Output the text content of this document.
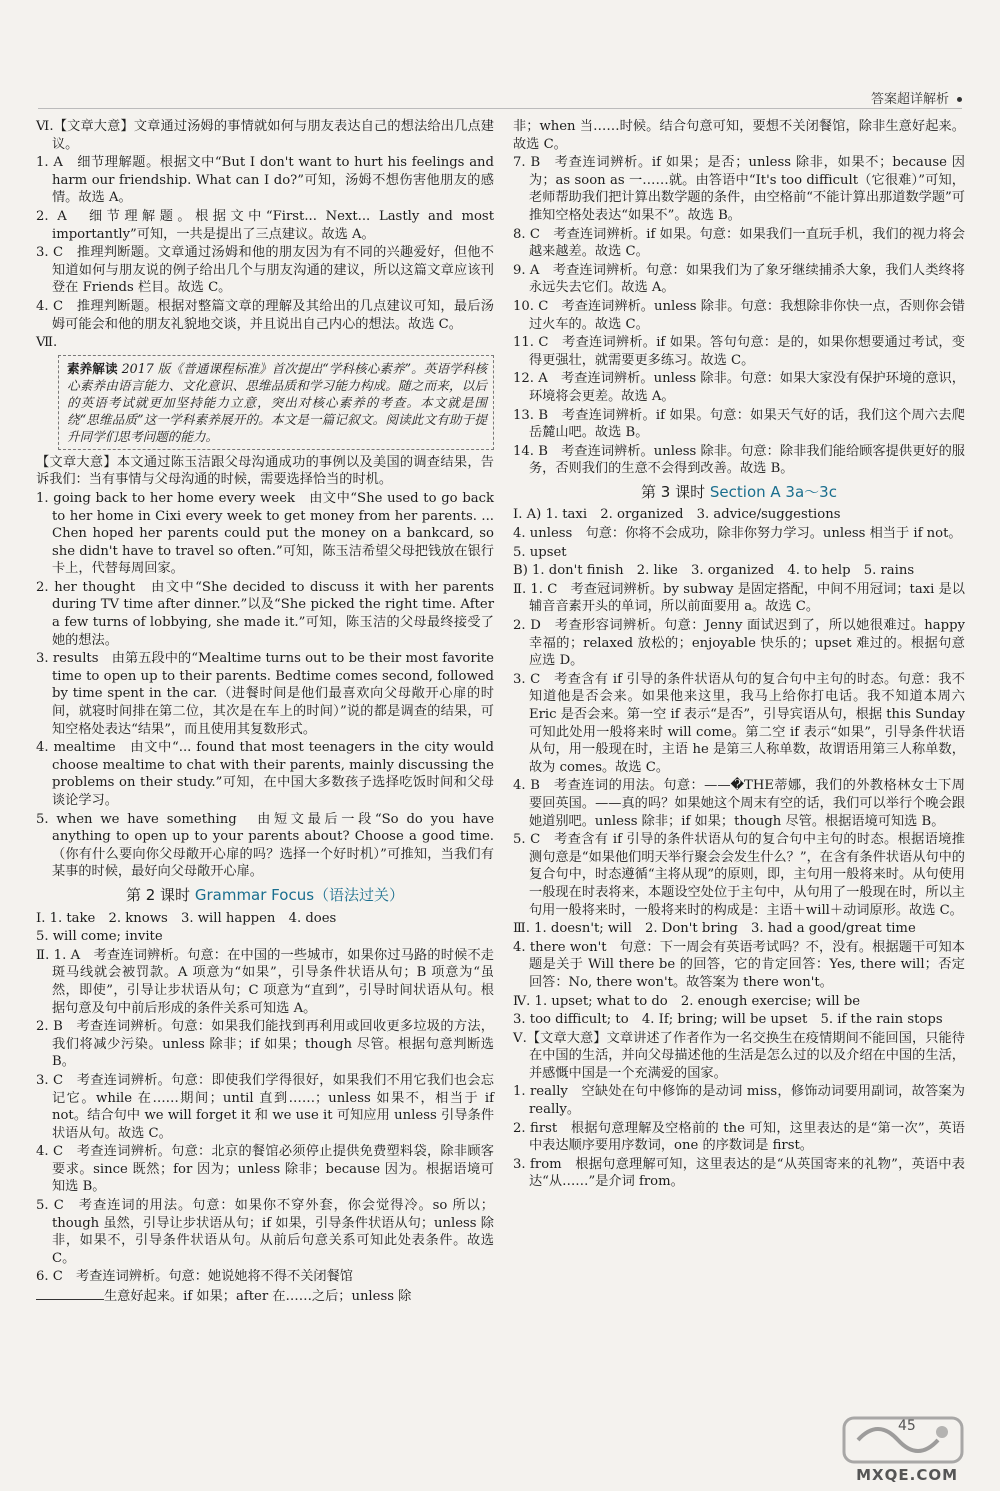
答案超详解析

Ⅵ.【文章大意】文章通过汤姆的事情就如何与朋友表达自己的想法给出几点建议。

1. A　细节理解题。根据文中“But I don't want to hurt his feelings and harm our friendship. What can I do?”可知，汤姆不想伤害他朋友的感情。故选 A。

2. A　细节理解题。根据文中“First... Next... Lastly and most importantly”可知，一共是提出了三点建议。故选 A。

3. C　推理判断题。文章通过汤姆和他的朋友因为有不同的兴趣爱好，但他不知道如何与朋友说的例子给出几个与朋友沟通的建议，所以这篇文章应该刊登在 Friends 栏目。故选 C。

4. C　推理判断题。根据对整篇文章的理解及其给出的几点建议可知，最后汤姆可能会和他的朋友礼貌地交谈，并且说出自己内心的想法。故选 C。

Ⅶ.

素养解读 2017 版《普通课程标准》首次提出“学科核心素养”。英语学科核心素养由语言能力、文化意识、思维品质和学习能力构成。随之而来，以后的英语考试就更加坚持能力立意，突出对核心素养的考查。本文就是围绕“思维品质”这一学科素养展开的。本文是一篇记叙文。阅读此文有助于提升同学们思考问题的能力。

【文章大意】本文通过陈玉洁跟父母沟通成功的事例以及美国的调查结果，告诉我们：当有事情与父母沟通的时候，需要选择恰当的时机。

1. going back to her home every week　由文中“She used to go back to her home in Cixi every week to get money from her parents. ... Chen hoped her parents could put the money on a bankcard, so she didn't have to travel so often.”可知，陈玉洁希望父母把钱放在银行卡上，代替每周回家。

2. her thought　由文中“She decided to discuss it with her parents during TV time after dinner.”以及“She picked the right time. After a few turns of lobbying, she made it.”可知，陈玉洁的父母最终接受了她的想法。

3. results　由第五段中的“Mealtime turns out to be their most favorite time to open up to their parents. Bedtime comes second, followed by time spent in the car.（进餐时间是他们最喜欢向父母敞开心扉的时间，就寝时间排在第二位，其次是在车上的时间）”说的都是调查的结果，可知空格处表达“结果”，而且使用其复数形式。

4. mealtime　由文中“... found that most teenagers in the city would choose mealtime to chat with their parents, mainly discussing the problems on their study.”可知，在中国大多数孩子选择吃饭时间和父母谈论学习。

5. when we have something　由短文最后一段“So do you have anything to open up to your parents about? Choose a good time.（你有什么要向你父母敞开心扉的吗？选择一个好时机）”可推知，当我们有某事的时候，最好向父母敞开心扉。

第 2 课时 Grammar Focus（语法过关）

Ⅰ. 1. take　2. knows　3. will happen　4. does

5. will come; invite

Ⅱ. 1. A　考查连词辨析。句意：在中国的一些城市，如果你过马路的时候不走斑马线就会被罚款。A 项意为“如果”，引导条件状语从句；B 项意为“虽然，即使”，引导让步状语从句；C 项意为“直到”，引导时间状语从句。根据句意及句中前后形成的条件关系可知选 A。

2. B　考查连词辨析。句意：如果我们能找到再利用或回收更多垃圾的方法，我们将减少污染。unless 除非；if 如果；though 尽管。根据句意判断选 B。

3. C　考查连词辨析。句意：即使我们学得很好，如果我们不用它我们也会忘记它。while 在……期间；until 直到……；unless 如果不，相当于 if not。结合句中 we will forget it 和 we use it 可知应用 unless 引导条件状语从句。故选 C。

4. C　考查连词辨析。句意：北京的餐馆必须停止提供免费塑料袋，除非顾客要求。since 既然；for 因为；unless 除非；because 因为。根据语境可知选 B。

5. C　考查连词的用法。句意：如果你不穿外套，你会觉得冷。so 所以；though 虽然，引导让步状语从句；if 如果，引导条件状语从句；unless 除非，如果不，引导条件状语从句。从前后句意关系可知此处表条件。故选 C。

6. C　考查连词辨析。句意：她说她将不得不关闭餐馆

生意好起来。if 如果；after 在……之后；unless 除

非；when 当……时候。结合句意可知，要想不关闭餐馆，除非生意好起来。故选 C。

7. B　考查连词辨析。if 如果；是否；unless 除非，如果不；because 因为；as soon as 一……就。由答语中“It's too difficult（它很难）”可知，老师帮助我们把计算出数学题的条件，由空格前“不能计算出那道数学题”可推知空格处表达“如果不”。故选 B。

8. C　考查连词辨析。if 如果。句意：如果我们一直玩手机，我们的视力将会越来越差。故选 C。

9. A　考查连词辨析。句意：如果我们为了象牙继续捕杀大象，我们人类终将永远失去它们。故选 A。

10. C　考查连词辨析。unless 除非。句意：我想除非你快一点，否则你会错过火车的。故选 C。

11. C　考查连词辨析。if 如果。答句句意：是的，如果你想要通过考试，变得更强壮，就需要更多练习。故选 C。

12. A　考查连词辨析。unless 除非。句意：如果大家没有保护环境的意识，环境将会更差。故选 A。

13. B　考查连词辨析。if 如果。句意：如果天气好的话，我们这个周六去爬岳麓山吧。故选 B。

14. B　考查连词辨析。unless 除非。句意：除非我们能给顾客提供更好的服务，否则我们的生意不会得到改善。故选 B。

第 3 课时 Section A 3a～3c

Ⅰ. A) 1. taxi　2. organized　3. advice/suggestions

4. unless　句意：你将不会成功，除非你努力学习。unless 相当于 if not。

5. upset

B) 1. don't finish　2. like　3. organized　4. to help　5. rains

Ⅱ. 1. C　考查冠词辨析。by subway 是固定搭配，中间不用冠词；taxi 是以辅音音素开头的单词，所以前面要用 a。故选 C。

2. D　考查形容词辨析。句意：Jenny 面试迟到了，所以她很难过。happy 幸福的；relaxed 放松的；enjoyable 快乐的；upset 难过的。根据句意应选 D。

3. C　考查含有 if 引导的条件状语从句的复合句中主句的时态。句意：我不知道他是否会来。如果他来这里，我马上给你打电话。我不知道本周六 Eric 是否会来。第一空 if 表示“是否”，引导宾语从句，根据 this Sunday 可知此处用一般将来时 will come。第二空 if 表示“如果”，引导条件状语从句，用一般现在时，主语 he 是第三人称单数，故谓语用第三人称单数，故为 comes。故选 C。

4. B　考查连词的用法。句意：——�THE蒂娜，我们的外教格林女士下周要回英国。——真的吗？如果她这个周末有空的话，我们可以举行个晚会跟她道别吧。unless 除非；if 如果；though 尽管。根据语境可知选 B。

5. C　考查含有 if 引导的条件状语从句的复合句中主句的时态。根据语境推测句意是“如果他们明天举行聚会会发生什么？”，在含有条件状语从句中的复合句中，时态遵循“主将从现”的原则，即，主句用一般将来时。从句使用一般现在时表将来，本题设空处位于主句中，从句用了一般现在时，所以主句用一般将来时，一般将来时的构成是：主语＋will＋动词原形。故选 C。

Ⅲ. 1. doesn't; will　2. Don't bring　3. had a good/great time

4. there won't　句意：下一周会有英语考试吗？不，没有。根据题干可知本题是关于 Will there be 的回答，它的肯定回答：Yes, there will；否定回答：No, there won't。故答案为 there won't。

Ⅳ. 1. upset; what to do　2. enough exercise; will be

3. too difficult; to　4. If; bring; will be upset　5. if the rain stops

Ⅴ.【文章大意】文章讲述了作者作为一名交换生在疫情期间不能回国，只能待在中国的生活，并向父母描述他的生活是怎么过的以及介绍在中国的生活，并感慨中国是一个充满爱的国家。

1. really　空缺处在句中修饰的是动词 miss，修饰动词要用副词，故答案为 really。

2. first　根据句意理解及空格前的 the 可知，这里表达的是“第一次”，英语中表达顺序要用序数词，one 的序数词是 first。

3. from　根据句意理解可知，这里表达的是“从英国寄来的礼物”，英语中表达“从……”是介词 from。

45
MXQE.COM
